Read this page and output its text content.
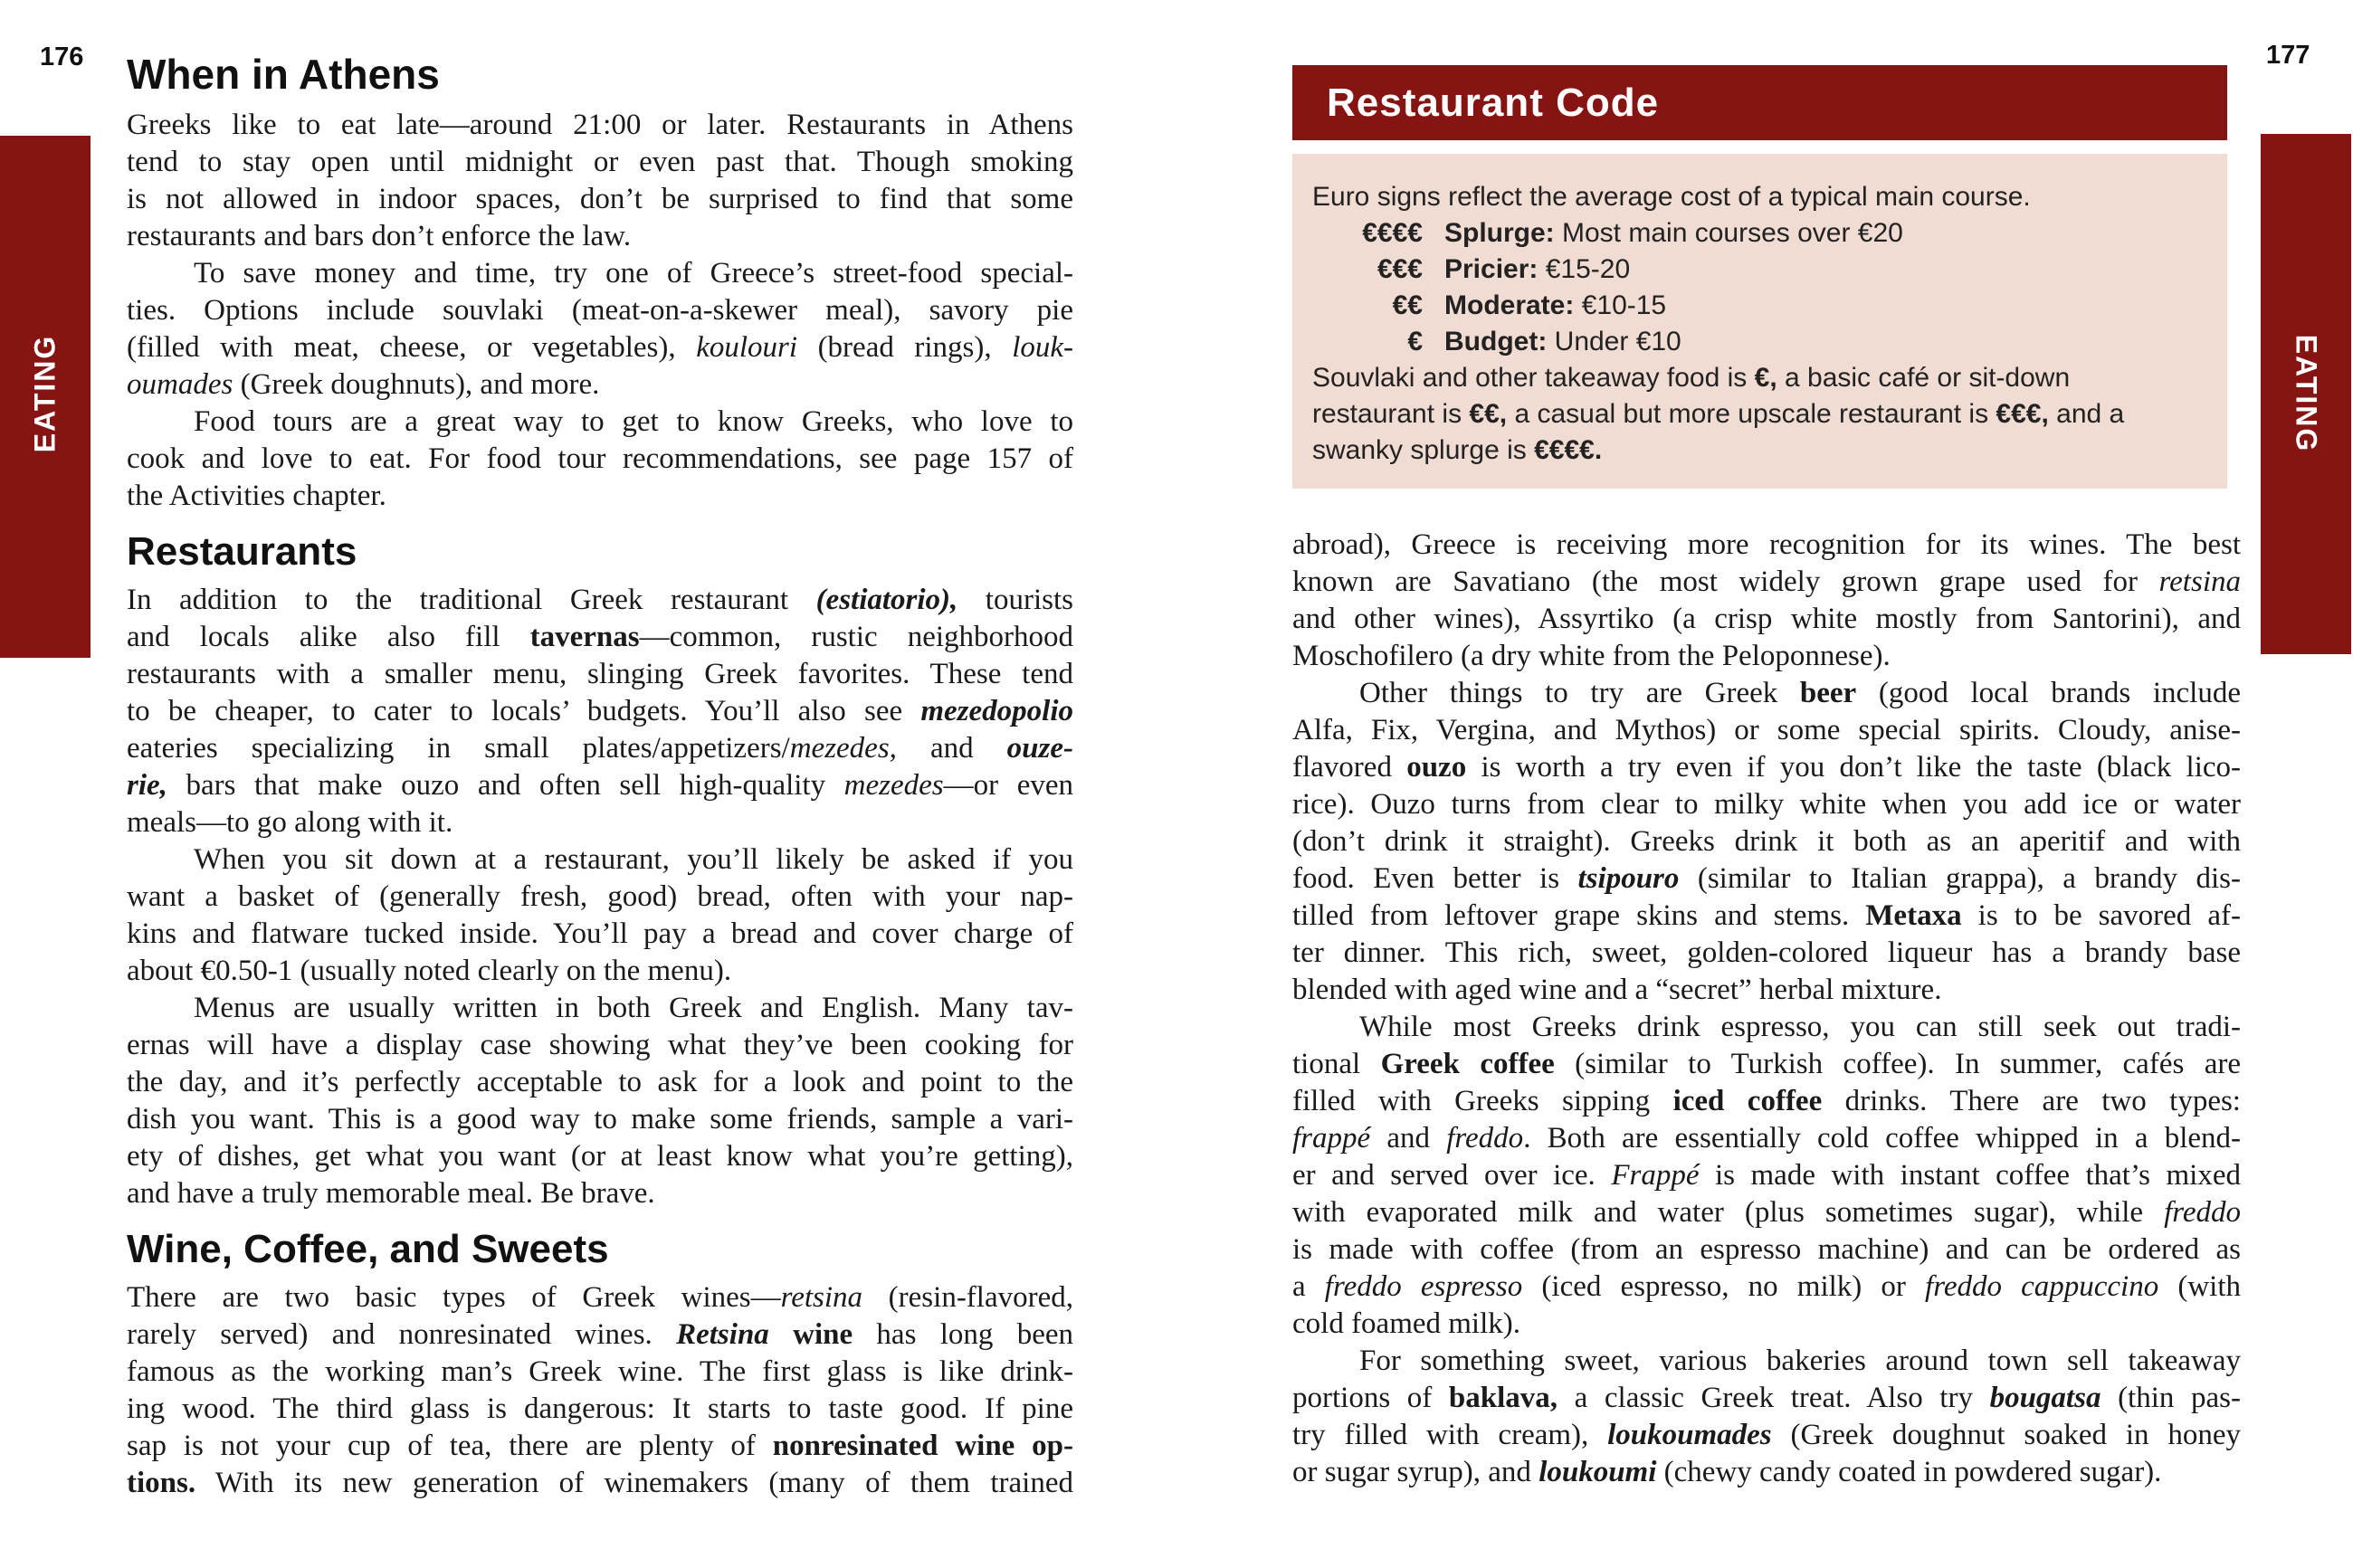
176	177
EATING	EATING
When in Athens
Greeks like to eat late—around 21:00 or later. Restaurants in Athens
tend to stay open until midnight or even past that. Though smoking
is not allowed in indoor spaces, don’t be surprised to find that some
restaurants and bars don’t enforce the law.
To save money and time, try one of Greece’s street-food special-
ties. Options include souvlaki (meat-on-a-skewer meal), savory pie
(filled with meat, cheese, or vegetables), koulouri (bread rings), louk-
oumades (Greek doughnuts), and more.
Food tours are a great way to get to know Greeks, who love to
cook and love to eat. For food tour recommendations, see page 157 of
the Activities chapter.
Restaurants
In addition to the traditional Greek restaurant (estiatorio), tourists
and locals alike also fill tavernas—common, rustic neighborhood
restaurants with a smaller menu, slinging Greek favorites. These tend
to be cheaper, to cater to locals’ budgets. You’ll also see mezedopolio
eateries specializing in small plates/appetizers/mezedes, and ouze-
rie, bars that make ouzo and often sell high-quality mezedes—or even
meals—to go along with it.
When you sit down at a restaurant, you’ll likely be asked if you
want a basket of (generally fresh, good) bread, often with your nap-
kins and flatware tucked inside. You’ll pay a bread and cover charge of
about €0.50-1 (usually noted clearly on the menu).
Menus are usually written in both Greek and English. Many tav-
ernas will have a display case showing what they’ve been cooking for
the day, and it’s perfectly acceptable to ask for a look and point to the
dish you want. This is a good way to make some friends, sample a vari-
ety of dishes, get what you want (or at least know what you’re getting),
and have a truly memorable meal. Be brave.
Wine, Coffee, and Sweets
There are two basic types of Greek wines—retsina (resin-flavored,
rarely served) and nonresinated wines. Retsina wine has long been
famous as the working man’s Greek wine. The first glass is like drink-
ing wood. The third glass is dangerous: It starts to taste good. If pine
sap is not your cup of tea, there are plenty of nonresinated wine op-
tions. With its new generation of winemakers (many of them trained
Restaurant Code
Euro signs reflect the average cost of a typical main course.
€€€€ Splurge: Most main courses over €20
€€€ Pricier: €15-20
€€ Moderate: €10-15
€ Budget: Under €10
Souvlaki and other takeaway food is €, a basic café or sit-down
restaurant is €€, a casual but more upscale restaurant is €€€, and a
swanky splurge is €€€€.
abroad), Greece is receiving more recognition for its wines. The best
known are Savatiano (the most widely grown grape used for retsina
and other wines), Assyrtiko (a crisp white mostly from Santorini), and
Moschofilero (a dry white from the Peloponnese).
Other things to try are Greek beer (good local brands include
Alfa, Fix, Vergina, and Mythos) or some special spirits. Cloudy, anise-
flavored ouzo is worth a try even if you don’t like the taste (black lico-
rice). Ouzo turns from clear to milky white when you add ice or water
(don’t drink it straight). Greeks drink it both as an aperitif and with
food. Even better is tsipouro (similar to Italian grappa), a brandy dis-
tilled from leftover grape skins and stems. Metaxa is to be savored af-
ter dinner. This rich, sweet, golden-colored liqueur has a brandy base
blended with aged wine and a “secret” herbal mixture.
While most Greeks drink espresso, you can still seek out tradi-
tional Greek coffee (similar to Turkish coffee). In summer, cafés are
filled with Greeks sipping iced coffee drinks. There are two types:
frappé and freddo. Both are essentially cold coffee whipped in a blend-
er and served over ice. Frappé is made with instant coffee that’s mixed
with evaporated milk and water (plus sometimes sugar), while freddo
is made with coffee (from an espresso machine) and can be ordered as
a freddo espresso (iced espresso, no milk) or freddo cappuccino (with
cold foamed milk).
For something sweet, various bakeries around town sell takeaway
portions of baklava, a classic Greek treat. Also try bougatsa (thin pas-
try filled with cream), loukoumades (Greek doughnut soaked in honey
or sugar syrup), and loukoumi (chewy candy coated in powdered sugar).
